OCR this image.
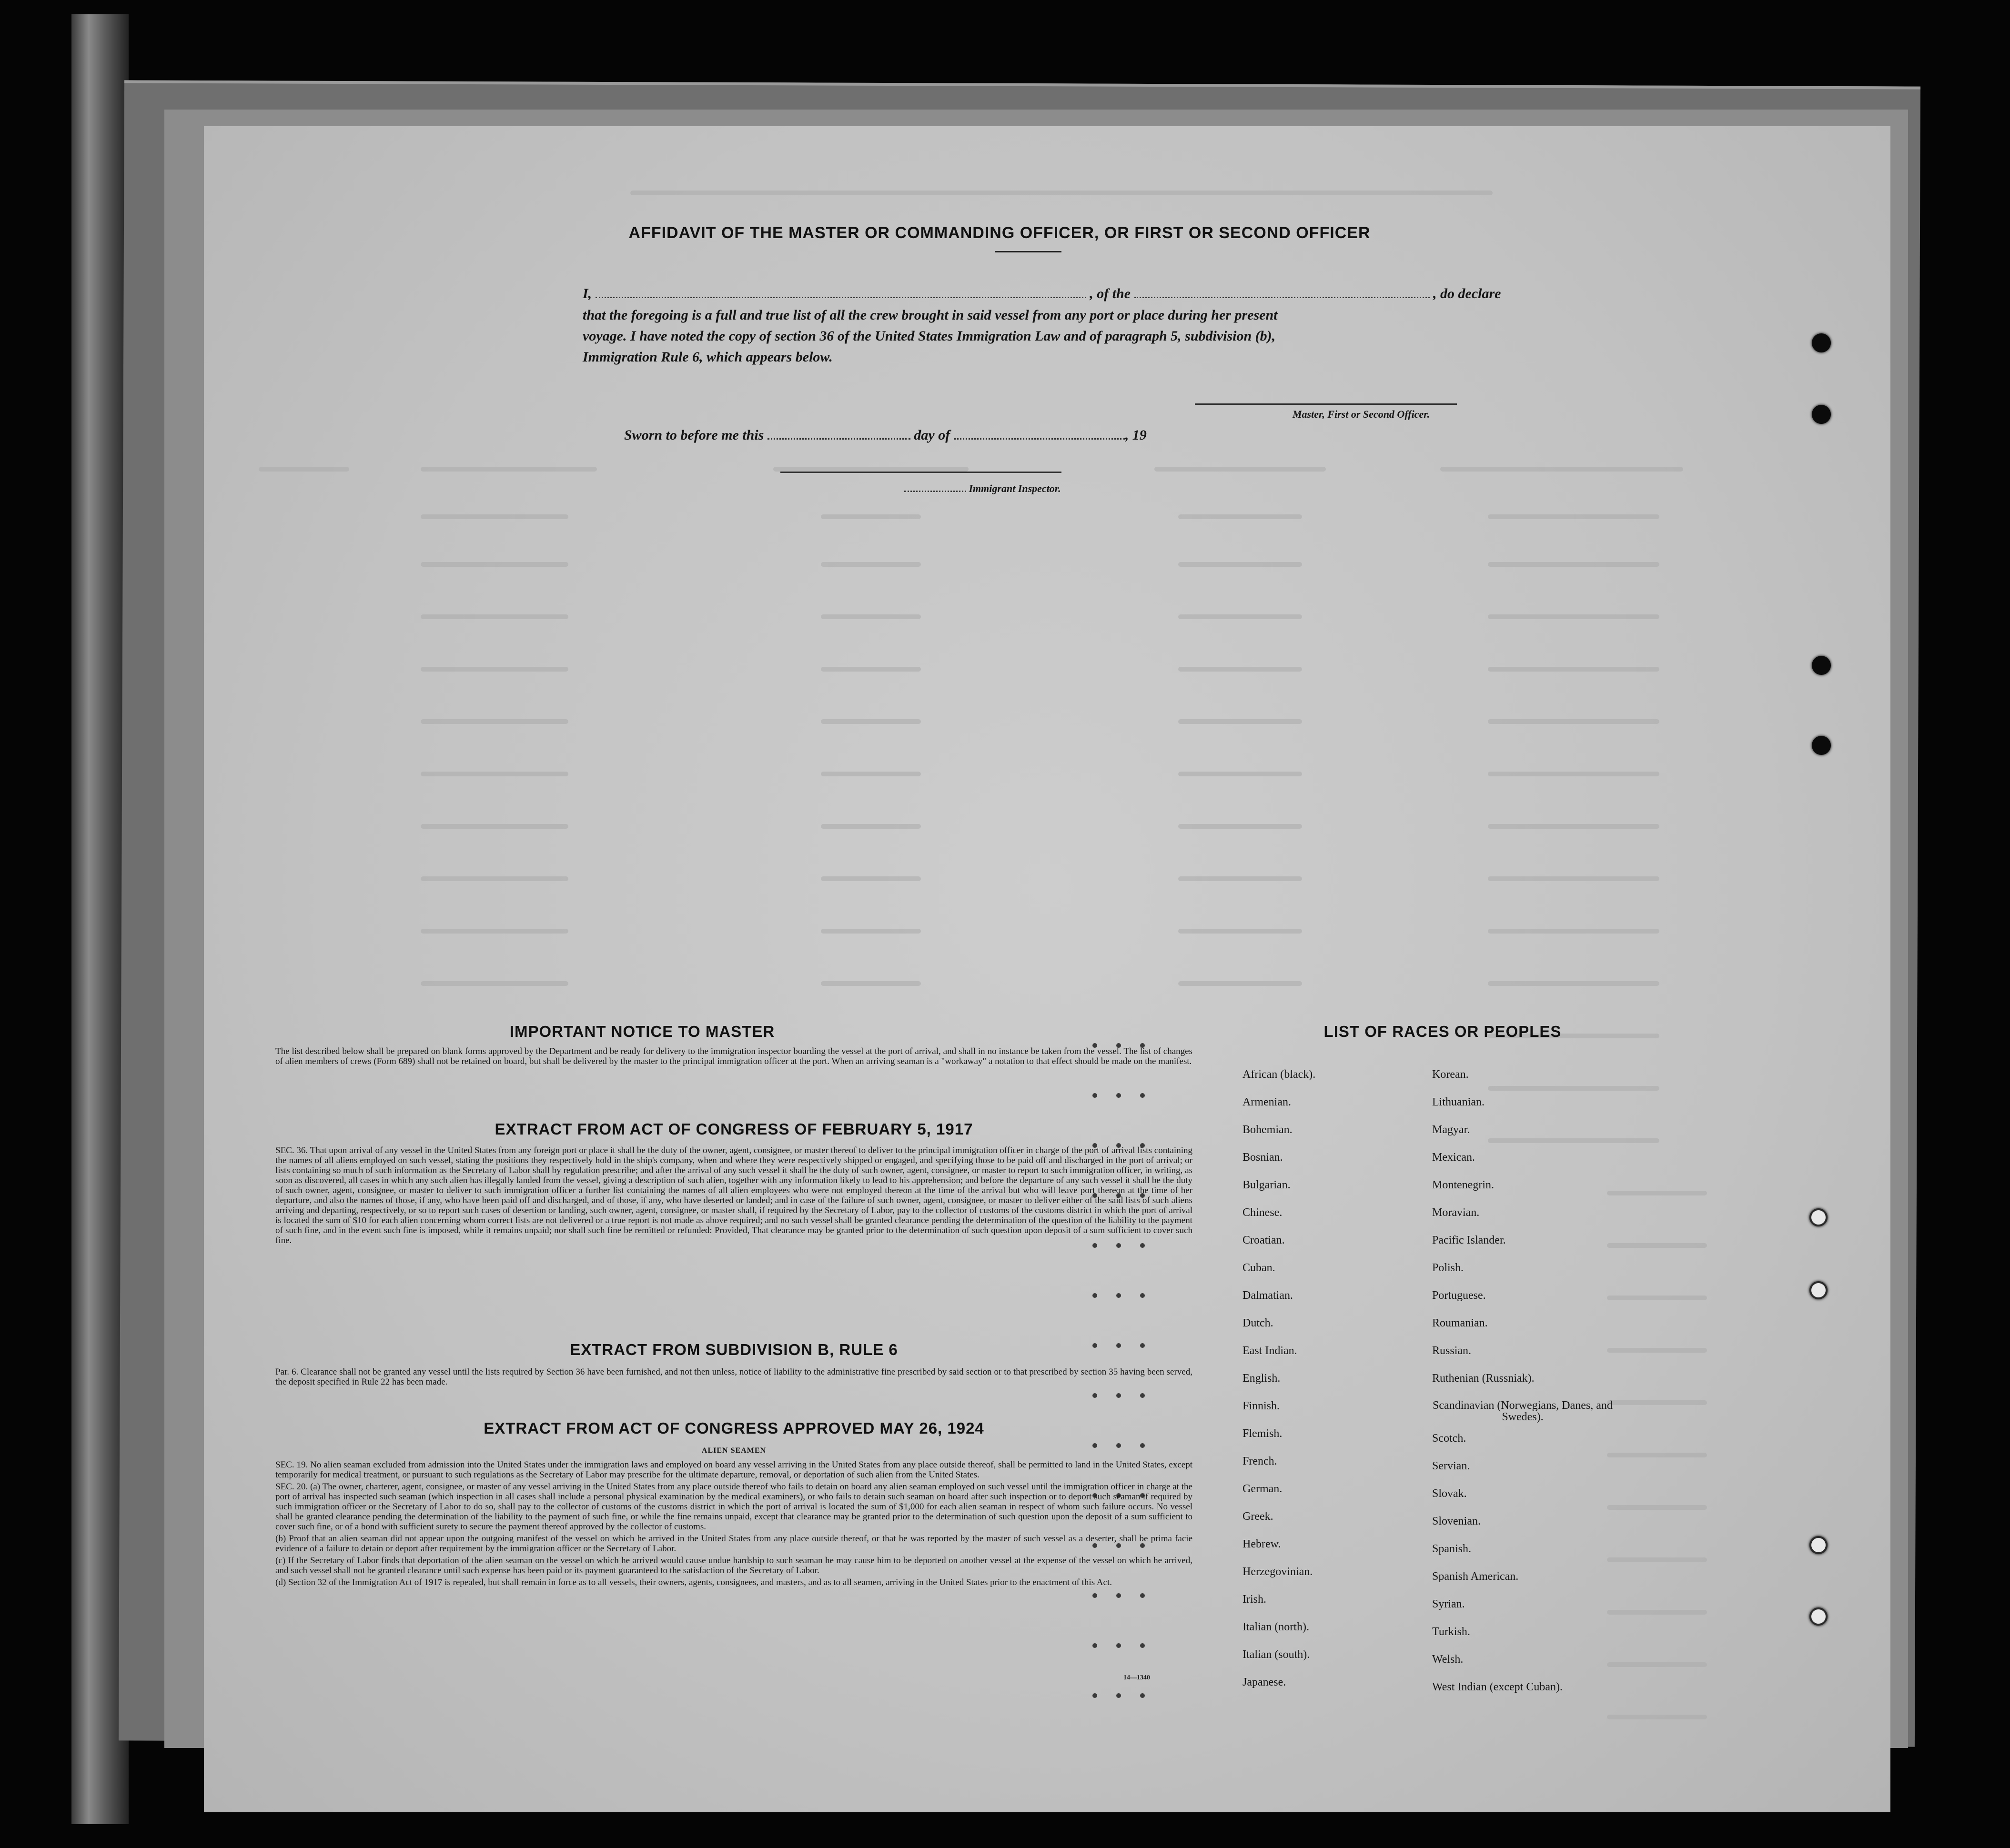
AFFIDAVIT OF THE MASTER OR COMMANDING OFFICER, OR FIRST OR SECOND OFFICER
I,	, of the	, do declare
that the foregoing is a full and true list of all the crew brought in said vessel from any port or place during her present
voyage. I have noted the copy of section 36 of the United States Immigration Law and of paragraph 5, subdivision (b),
Immigration Rule 6, which appears below.
Master, First or Second Officer.
Sworn to before me this	day of	, 19
Immigrant Inspector.
IMPORTANT NOTICE TO MASTER

The list described below shall be prepared on blank forms approved by the Department and be ready for delivery to the immigration inspector boarding the vessel at the port of arrival, and shall in no instance be taken from the vessel. The list of changes of alien members of crews (Form 689) shall not be retained on board, but shall be delivered by the master to the principal immigration officer at the port. When an arriving seaman is a "workaway" a notation to that effect should be made on the manifest.

EXTRACT FROM ACT OF CONGRESS OF FEBRUARY 5, 1917

SEC. 36. That upon arrival of any vessel in the United States from any foreign port or place it shall be the duty of the owner, agent, consignee, or master thereof to deliver to the principal immigration officer in charge of the port of arrival lists containing the names of all aliens employed on such vessel, stating the positions they respectively hold in the ship's company, when and where they were respectively shipped or engaged, and specifying those to be paid off and discharged in the port of arrival; or lists containing so much of such information as the Secretary of Labor shall by regulation prescribe; and after the arrival of any such vessel it shall be the duty of such owner, agent, consignee, or master to report to such immigration officer, in writing, as soon as discovered, all cases in which any such alien has illegally landed from the vessel, giving a description of such alien, together with any information likely to lead to his apprehension; and before the departure of any such vessel it shall be the duty of such owner, agent, consignee, or master to deliver to such immigration officer a further list containing the names of all alien employees who were not employed thereon at the time of the arrival but who will leave port thereon at the time of her departure, and also the names of those, if any, who have been paid off and discharged, and of those, if any, who have deserted or landed; and in case of the failure of such owner, agent, consignee, or master to deliver either of the said lists of such aliens arriving and departing, respectively, or so to report such cases of desertion or landing, such owner, agent, consignee, or master shall, if required by the Secretary of Labor, pay to the collector of customs of the customs district in which the port of arrival is located the sum of $10 for each alien concerning whom correct lists are not delivered or a true report is not made as above required; and no such vessel shall be granted clearance pending the determination of the question of the liability to the payment of such fine, and in the event such fine is imposed, while it remains unpaid; nor shall such fine be remitted or refunded: Provided, That clearance may be granted prior to the determination of such question upon deposit of a sum sufficient to cover such fine.

EXTRACT FROM SUBDIVISION B, RULE 6

Par. 6. Clearance shall not be granted any vessel until the lists required by Section 36 have been furnished, and not then unless, notice of liability to the administrative fine prescribed by said section or to that prescribed by section 35 having been served, the deposit specified in Rule 22 has been made.

EXTRACT FROM ACT OF CONGRESS APPROVED MAY 26, 1924
ALIEN SEAMEN

SEC. 19. No alien seaman excluded from admission into the United States under the immigration laws and employed on board any vessel arriving in the United States from any place outside thereof, shall be permitted to land in the United States, except temporarily for medical treatment, or pursuant to such regulations as the Secretary of Labor may prescribe for the ultimate departure, removal, or deportation of such alien from the United States.

SEC. 20. (a) The owner, charterer, agent, consignee, or master of any vessel arriving in the United States from any place outside thereof who fails to detain on board any alien seaman employed on such vessel until the immigration officer in charge at the port of arrival has inspected such seaman (which inspection in all cases shall include a personal physical examination by the medical examiners), or who fails to detain such seaman on board after such inspection or to deport such seaman if required by such immigration officer or the Secretary of Labor to do so, shall pay to the collector of customs of the customs district in which the port of arrival is located the sum of $1,000 for each alien seaman in respect of whom such failure occurs. No vessel shall be granted clearance pending the determination of the liability to the payment of such fine, or while the fine remains unpaid, except that clearance may be granted prior to the determination of such question upon the deposit of a sum sufficient to cover such fine, or of a bond with sufficient surety to secure the payment thereof approved by the collector of customs.

(b) Proof that an alien seaman did not appear upon the outgoing manifest of the vessel on which he arrived in the United States from any place outside thereof, or that he was reported by the master of such vessel as a deserter, shall be prima facie evidence of a failure to detain or deport after requirement by the immigration officer or the Secretary of Labor.

(c) If the Secretary of Labor finds that deportation of the alien seaman on the vessel on which he arrived would cause undue hardship to such seaman he may cause him to be deported on another vessel at the expense of the vessel on which he arrived, and such vessel shall not be granted clearance until such expense has been paid or its payment guaranteed to the satisfaction of the Secretary of Labor.

(d) Section 32 of the Immigration Act of 1917 is repealed, but shall remain in force as to all vessels, their owners, agents, consignees, and masters, and as to all seamen, arriving in the United States prior to the enactment of this Act.

14—1340
LIST OF RACES OR PEOPLES
African (black).
Armenian.
Bohemian.
Bosnian.
Bulgarian.
Chinese.
Croatian.
Cuban.
Dalmatian.
Dutch.
East Indian.
English.
Finnish.
Flemish.
French.
German.
Greek.
Hebrew.
Herzegovinian.
Irish.
Italian (north).
Italian (south).
Japanese.
Korean.
Lithuanian.
Magyar.
Mexican.
Montenegrin.
Moravian.
Pacific Islander.
Polish.
Portuguese.
Roumanian.
Russian.
Ruthenian (Russniak).
Scandinavian (Norwegians, Danes, and Swedes).
Scotch.
Servian.
Slovak.
Slovenian.
Spanish.
Spanish American.
Syrian.
Turkish.
Welsh.
West Indian (except Cuban).
